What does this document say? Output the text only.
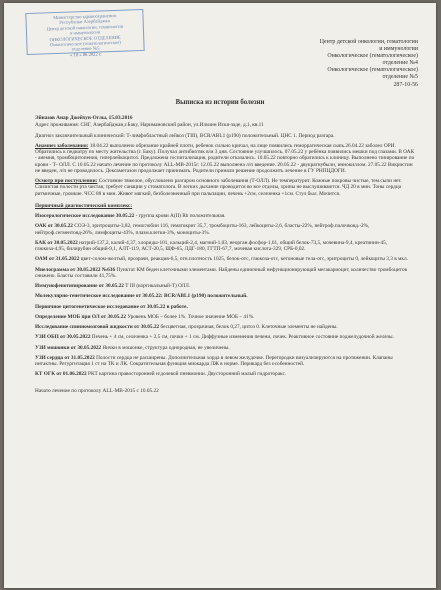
Министерство здравоохранения
Республики Азербайджан
Центр детской онкологии, гематологии
и иммунологии
ОНКОЛОГИЧЕСКОЕ ОТДЕЛЕНИЕ
Онкологическое (гематологическое)
отделение №5
« 10 » 06 2022 г.
Центр детской онкологии, гематологии
и иммунологии
Онкологическое (гематологическое)
отделение №4
Онкологическое (гематологическое)
отделение №5
287-10-56
Выписка из истории болезни

Эйназов Анар Джейхун-Оглы, 15.03.2016

Адрес проживания: СНГ, Азербайджан,г.Баку, Наримановский район, ул.Ильчин Искя-заде, д.1, кв.11

Диагноз заключительный клинический: Т-лимфобластный лейкоз (ТIII), BCR/ABL1 (p190) положительный. ЦНС 1. Период разгара.

Анамнез заболевания: 18.04.22 выполнено обрезание крайней плоти, ребенок сильно кричал, на лице появились геморрагическая сыпь.26.04.22 заболел ОРИ. Обратились к педиатру по месту жительства (г. Баку). Получал антибиотик в/м 3 дня. Состояние улучшилось. 07.05.22 у ребёнка появились мешки под глазами. В ОАК - анемия, тромбоцитопения, гиперлейкоцитоз. Предложена госпитализация, родители отказались. 10.05.22 повторно обратились к клиницу. Выполнено типирование по крови - Т- ОЛЛ. С 10.05.22 начато лечение по протоколу ALL-MB-2015г. 12.05.22 выполнена л/п введение. 20.05.22 - двукратнубыли, иннокиллом. 27.05.22 Викристин не введен, л/п не проводилось. Дексаметазон продолжает принимать. Родители приняли решение продолжить лечение в ГУ РНПЦДОГИ.

Осмотр при поступлении: Состояние тяжелое, обусловлено разгаром основного заболевания (Т-ОЛЛ). Не температурит. Кожные покровы чистые, тем.сыпи нет. Слизистая полости рта чистая, требует санации у стоматолога. В легких дыхание проводится во все отделы, хрипы не выслушиваются. ЧД 20 в мин. Тоны сердца ритмичные, громкие. ЧСС 88 в мин. Живот мягкий, безболезненный при пальпации, печень +2см, селезенка +1см. Стул был. Мочится.

Первичный диагностический комплекс:

Изосерологическое исследование 30.05.22 - группа крови А(II) Rh положительная.

ОАК от 30.05.22 СОЭ-3, эритроциты-3,82, гемоглобин 116, гематокрит 35,7, тромбоциты-163, лейкоциты-2,6, бласты-22%, нейтроф.палочкояд.-2%, нейтроф.сегментояд-26%, лимфоциты-43%, плазм.клетки-3%, моноциты-3%.

БАК от 30.05.2022 натрий-137,2, калий-4,37, хлориды-101, кальций-2,4, магний-1,03, неорган.фосфор-1,61, общий белок-73,5, мочевина-9,4, креатинин-45, глюкоза-4,95, билирубин общий-9,1, АЛТ-119, АСТ-20,5, ЩФ-65, ЛДГ-180, ГГТП-67,7, мочевая кислота-329, СРБ-0,02.

ОАМ от 31.05.2022 цвет-солом-желтый, прозрачн, реакция-6,5, отн.плотность 1025, белок-отс, глюкоза-отс, кетоновые тела-отс, эритроциты 0, лейкоциты 3,3 в мкл.

Миелограмма от 30.05.2022 №636 Пунктат КМ беден клеточными элементами. Найдены единичный нефункционирующий мегакариоцит, количество тромбоцитов снижено. Бласты составили 41,75%.

Иммунофенотипирование от 30.05.22 Т III (кортикальный-Т) ОЛЛ.

Молекулярно-генетическое исследование от 30.05.22: BCR/ABL1 (p190) положительный.

Первичное цитогенетическое исследование от 30.05.22 в работе.

Определение МОБ при ОЛ от 30.05.22 Уровень МОБ – более 1%. Точное значение МОБ – 41%.

Исследование спинномозговой жидкости от 30.05.22 бесцветная, прозрачная, белок 0,27, цитоз 0. Клеточные элементы не найдены.

УЗИ ОБП от 30.05.2022 Печень + 4 см, селезенка + 2,5 см, почки + 1 см. Диффузные изменения печени, почек. Реактивное состояние поджелудочной железы.

УЗИ мошонки от 30.05.2022 Яички в мошонке, структура однородная, не увеличены.

УЗИ сердца от 31.05.2022 Полости сердца не расширены. Дополнительная хорда в левом желудочке. Перегородки визуализируются на протяжении. Клапаны интактны. Регургитация 1 ст на ТК и ЛК. Сократительная функция миокарда ЛЖ в норме. Перикард без особенностей.

КТ ОГК от 01.06.2022 РКТ картина правосторонней н/долевой пневмонии. Двусторонний малый гидроторакс.

Начато лечение по протоколу ALL-MB-2015 с 10.05.22
